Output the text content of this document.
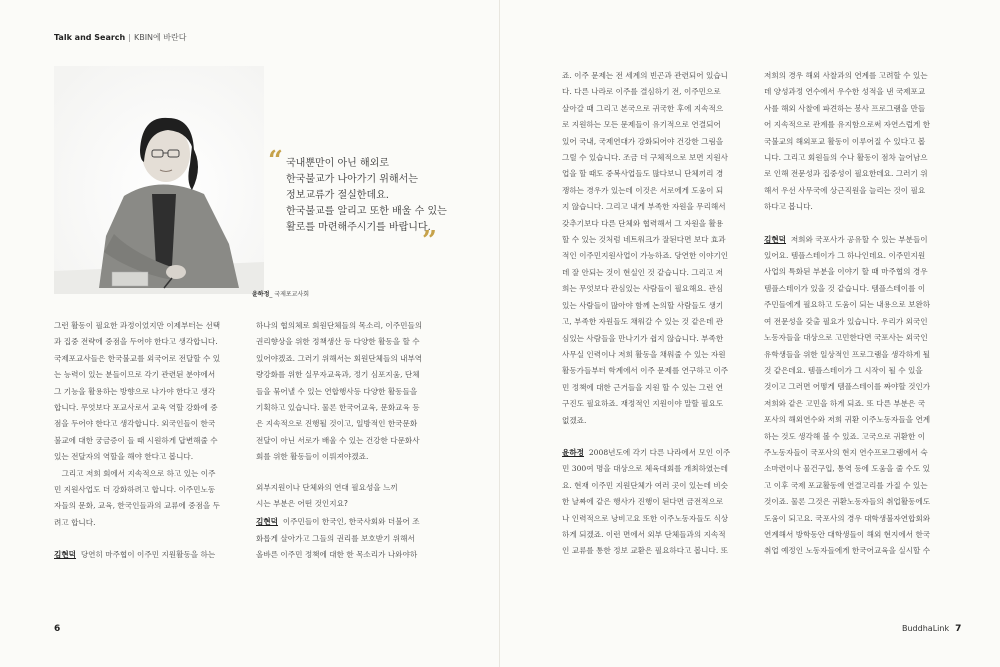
Talk and Search | KBIN에 바란다
“ 국내뿐만이 아닌 해외로
한국불교가 나아가기 위해서는
정보교류가 절실한데요.
한국불교를 알리고 또한 배울 수 있는
활로를 마련해주시기를 바랍니다.
”
윤하정_ 국제포교사회

그런 활동이 필요한 과정이었지만 이제부터는 선택
과 집중 전략에 중점을 두어야 한다고 생각합니다.
국제포교사들은 한국불교를 외국어로 전달할 수 있
는 능력이 있는 분들이므로 각기 관련된 분야에서
그 기능을 활용하는 방향으로 나가야 한다고 생각
합니다. 무엇보다 포교사로서 교육 역할 강화에 중
점을 두어야 한다고 생각합니다. 외국인들이 한국
불교에 대한 궁금증이 들 때 시원하게 답변해줄 수
있는 전달자의 역할을 해야 한다고 봅니다.
　그리고 저희 회에서 지속적으로 하고 있는 이주
민 지원사업도 더 강화하려고 합니다. 이주민노동
자들의 문화, 교육, 한국인들과의 교류에 중점을 두
려고 합니다.

김현덕 당연히 마주협이 이주민 지원활동을 하는

하나의 협의체로 회원단체들의 목소리, 이주민들의
권리향상을 위한 정책생산 등 다양한 활동을 할 수
있어야겠죠. 그러기 위해서는 회원단체들의 내부역
량강화를 위한 실무자교육과, 정기 심포지움, 단체
들을 묶어낼 수 있는 연합행사등 다양한 활동들을
기획하고 있습니다. 물론 한국어교육, 문화교육 등
은 지속적으로 진행될 것이고, 일방적인 한국문화
전달이 아닌 서로가 배울 수 있는 건강한 다문화사
회를 위한 활동들이 이뤄져야겠죠.

외부지원이나 단체와의 연대 필요성을 느끼

시는 부분은 어떤 것인지요?

김현덕 이주민들이 한국인, 한국사회와 더불어 조
화롭게 살아가고 그들의 권리를 보호받기 위해서
올바른 이주민 정책에 대한 한 목소리가 나와야하

6

죠. 이주 문제는 전 세계의 빈곤과 관련되어 있습니
다. 다른 나라로 이주를 결심하기 전, 이주민으로
살아갈 때 그리고 본국으로 귀국한 후에 지속적으
로 지원하는 모든 문제들이 유기적으로 연결되어
있어 국내, 국제연대가 강화되어야 건강한 그림을
그릴 수 있습니다. 조금 더 구체적으로 보면 지원사
업을 할 때도 중복사업들도 많다보니 단체끼리 경
쟁하는 경우가 있는데 이것은 서로에게 도움이 되
지 않습니다. 그리고 내게 부족한 자원을 무리해서
갖추기보다 다른 단체와 협력해서 그 자원을 활용
할 수 있는 것처럼 네트워크가 잘된다면 보다 효과
적인 이주민지원사업이 가능하죠. 당연한 이야기인
데 잘 안되는 것이 현실인 것 같습니다. 그리고 저
희는 무엇보다 관심있는 사람들이 필요해요. 관심
있는 사람들이 많아야 함께 논의할 사람들도 생기
고, 부족한 자원들도 채워갈 수 있는 것 같은데 관
심있는 사람들을 만나기가 쉽지 않습니다. 부족한
사무실 인력이나 저희 활동을 채워줄 수 있는 자원
활동가들부터 학계에서 이주 문제를 연구하고 이주
민 정책에 대한 근거들을 지원 할 수 있는 그런 연
구진도 필요하죠. 재정적인 지원이야 말할 필요도
없겠죠.

윤하정 2008년도에 각기 다른 나라에서 모인 이주
민 300여 명을 대상으로 체육대회를 개최하였는데
요. 현재 이주민 지원단체가 여러 곳이 있는데 비슷
한 날짜에 같은 행사가 진행이 된다면 금전적으로
나 인력적으로 낭비고요 또한 이주노동자들도 식상
하게 되겠죠. 이런 면에서 외부 단체들과의 지속적
인 교류를 통한 정보 교환은 필요하다고 봅니다. 또

저희의 경우 해외 사찰과의 연계를 고려할 수 있는
데 양성과정 연수에서 우수한 성적을 낸 국제포교
사를 해외 사찰에 파견하는 봉사 프로그램을 만들
어 지속적으로 관계를 유지함으로써 자연스럽게 한
국불교의 해외포교 활동이 이루어질 수 있다고 봅
니다. 그리고 회원들의 수나 활동이 점차 늘어남으
로 인해 전문성과 집중성이 필요한데요. 그러기 위
해서 우선 사무국에 상근직원을 늘리는 것이 필요
하다고 봅니다.

김현덕 저희와 국포사가 공유할 수 있는 부분들이
있어요. 템플스테이가 그 하나인데요. 이주민지원
사업의 특화된 부분을 이야기 할 때 마주협의 경우
템플스테이가 있을 것 같습니다. 템플스테이를 이
주민들에게 필요하고 도움이 되는 내용으로 보완하
여 전문성을 갖출 필요가 있습니다. 우리가 외국인
노동자들을 대상으로 고민한다면 국포사는 외국인
유학생들을 위한 일상적인 프로그램을 생각하게 될
것 같은데요. 템플스테이가 그 시작이 될 수 있을
것이고 그러면 어떻게 템플스테이를 짜야할 것인가
저희와 같은 고민을 하게 되죠. 또 다른 부분은 국
포사의 해외연수와 저희 귀환 이주노동자들을 연계
하는 것도 생각해 볼 수 있죠. 고국으로 귀환한 이
주노동자들이 국포사의 현지 연수프로그램에서 숙
소마련이나 물건구입, 통역 등에 도움을 줄 수도 있
고 이후 국제 포교활동에 연결고리를 가질 수 있는
것이죠. 물론 그것은 귀환노동자들의 취업활동에도
도움이 되고요. 국포사의 경우 대학생불자연합회와
연계해서 방학동안 대학생들이 해외 현지에서 한국
취업 예정인 노동자들에게 한국어교육을 실시할 수

BuddhaLink 7
